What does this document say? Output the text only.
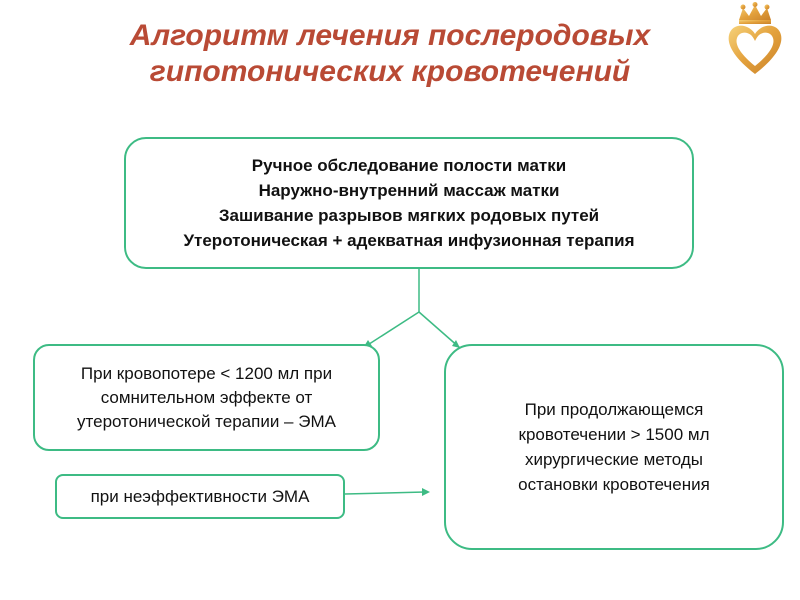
Алгоритм лечения послеродовых
гипотонических кровотечений
Ручное обследование полости матки
Наружно-внутренний массаж матки
Зашивание разрывов мягких родовых путей
Утеротоническая + адекватная инфузионная терапия
При кровопотере < 1200 мл при
сомнительном эффекте от
утеротонической терапии – ЭМА
При продолжающемся
кровотечении > 1500 мл
хирургические методы
остановки кровотечения
при неэффективности ЭМА
